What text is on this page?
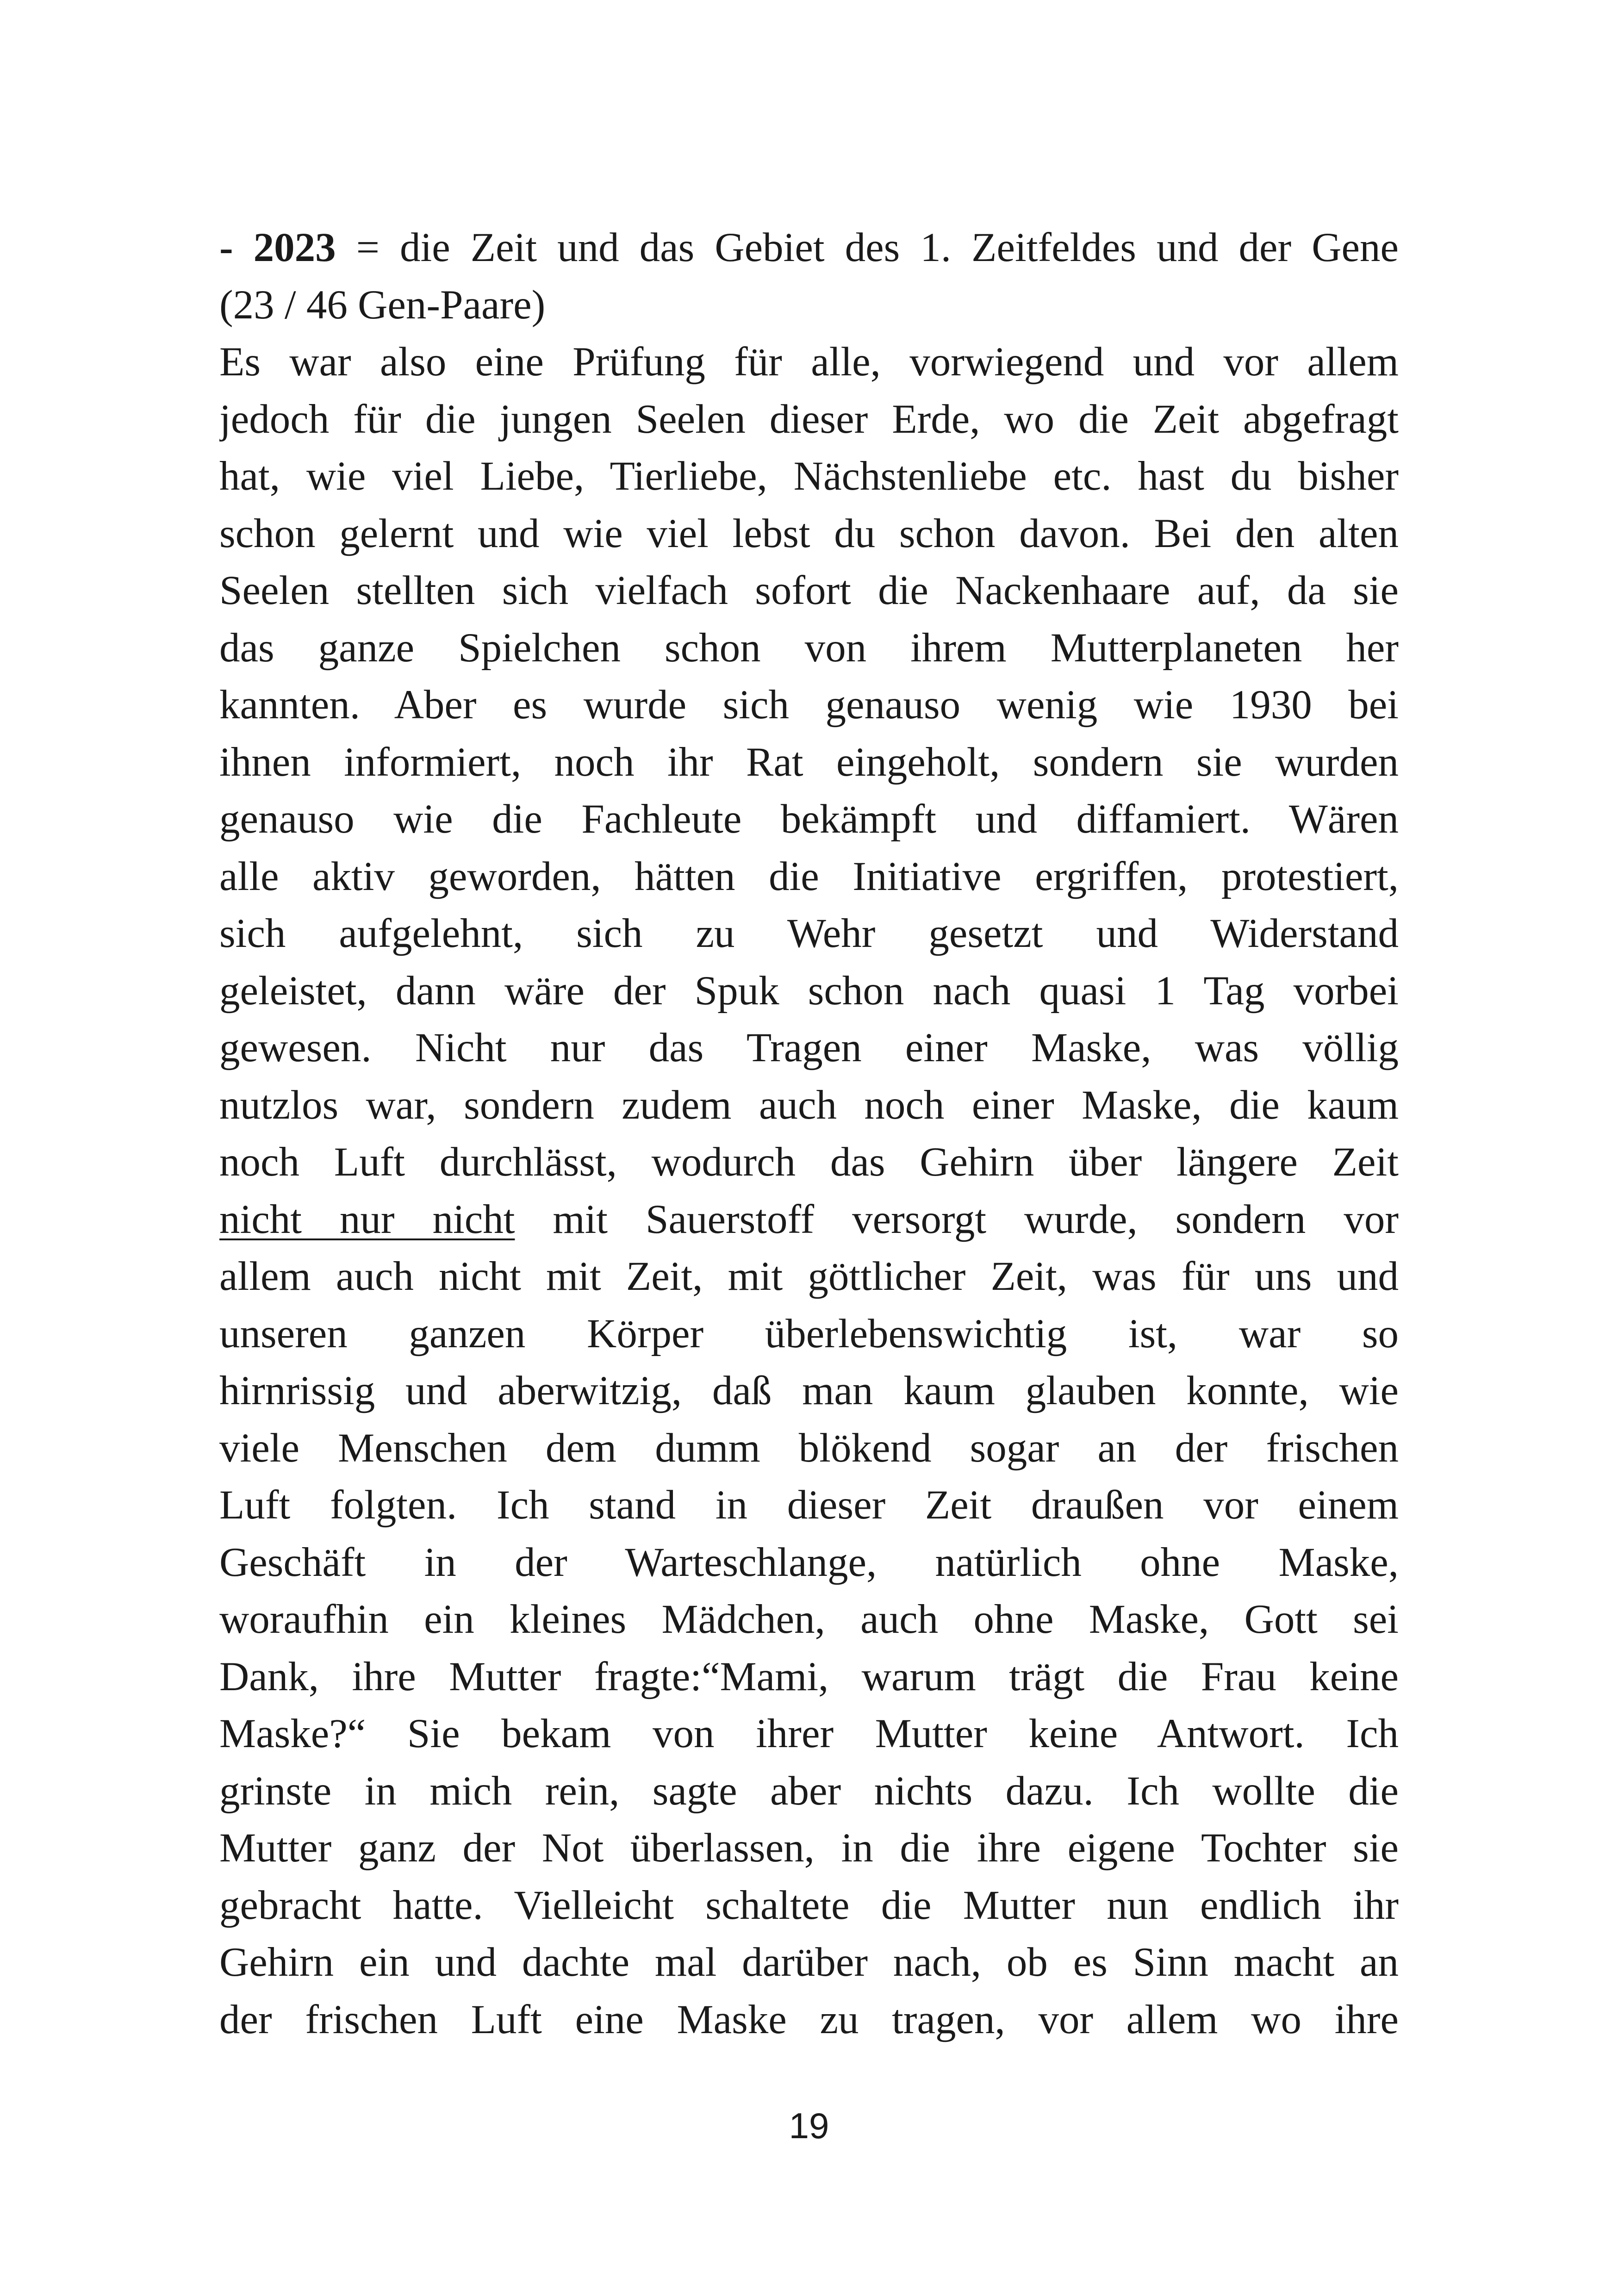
- 2023 = die Zeit und das Gebiet des 1. Zeitfeldes und der Gene
(23 / 46 Gen-Paare)
Es war also eine Prüfung für alle, vorwiegend und vor allem
jedoch für die jungen Seelen dieser Erde, wo die Zeit abgefragt
hat, wie viel Liebe, Tierliebe, Nächstenliebe etc. hast du bisher
schon gelernt und wie viel lebst du schon davon. Bei den alten
Seelen stellten sich vielfach sofort die Nackenhaare auf, da sie
das ganze Spielchen schon von ihrem Mutterplaneten her
kannten. Aber es wurde sich genauso wenig wie 1930 bei
ihnen informiert, noch ihr Rat eingeholt, sondern sie wurden
genauso wie die Fachleute bekämpft und diffamiert. Wären
alle aktiv geworden, hätten die Initiative ergriffen, protestiert,
sich aufgelehnt, sich zu Wehr gesetzt und Widerstand
geleistet, dann wäre der Spuk schon nach quasi 1 Tag vorbei
gewesen. Nicht nur das Tragen einer Maske, was völlig
nutzlos war, sondern zudem auch noch einer Maske, die kaum
noch Luft durchlässt, wodurch das Gehirn über längere Zeit
nicht nur nicht mit Sauerstoff versorgt wurde, sondern vor
allem auch nicht mit Zeit, mit göttlicher Zeit, was für uns und
unseren ganzen Körper überlebenswichtig ist, war so
hirnrissig und aberwitzig, daß man kaum glauben konnte, wie
viele Menschen dem dumm blökend sogar an der frischen
Luft folgten. Ich stand in dieser Zeit draußen vor einem
Geschäft in der Warteschlange, natürlich ohne Maske,
woraufhin ein kleines Mädchen, auch ohne Maske, Gott sei
Dank, ihre Mutter fragte:“Mami, warum trägt die Frau keine
Maske?“ Sie bekam von ihrer Mutter keine Antwort. Ich
grinste in mich rein, sagte aber nichts dazu. Ich wollte die
Mutter ganz der Not überlassen, in die ihre eigene Tochter sie
gebracht hatte. Vielleicht schaltete die Mutter nun endlich ihr
Gehirn ein und dachte mal darüber nach, ob es Sinn macht an
der frischen Luft eine Maske zu tragen, vor allem wo ihre
19
